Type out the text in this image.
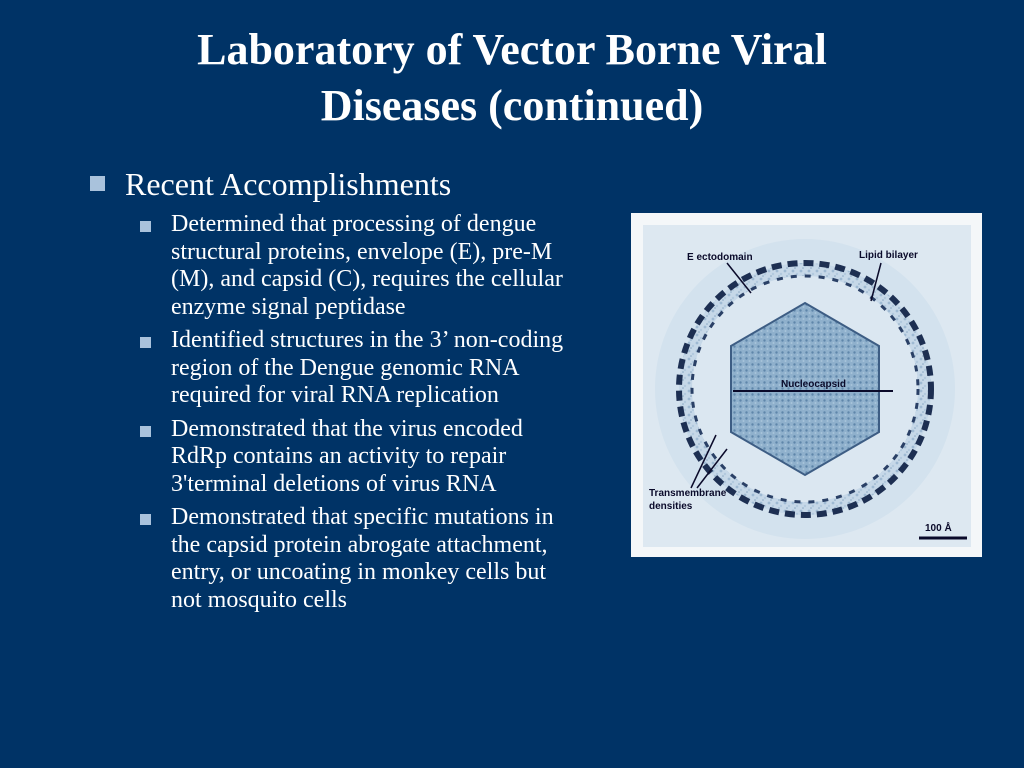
Laboratory of Vector Borne Viral
Diseases (continued)
Recent Accomplishments
Determined that processing of dengue structural proteins, envelope (E), pre-M (M), and capsid (C), requires the cellular enzyme signal peptidase
Identified structures in the 3’ non-coding region of the Dengue genomic RNA required for viral RNA replication
Demonstrated that the virus encoded RdRp contains an activity to repair 3'terminal deletions of virus RNA
Demonstrated that specific mutations in the capsid protein abrogate attachment, entry, or uncoating in monkey cells but not mosquito cells
Nucleocapsid
E ectodomain	Lipid bilayer
Transmembrane
densities
100 Å
